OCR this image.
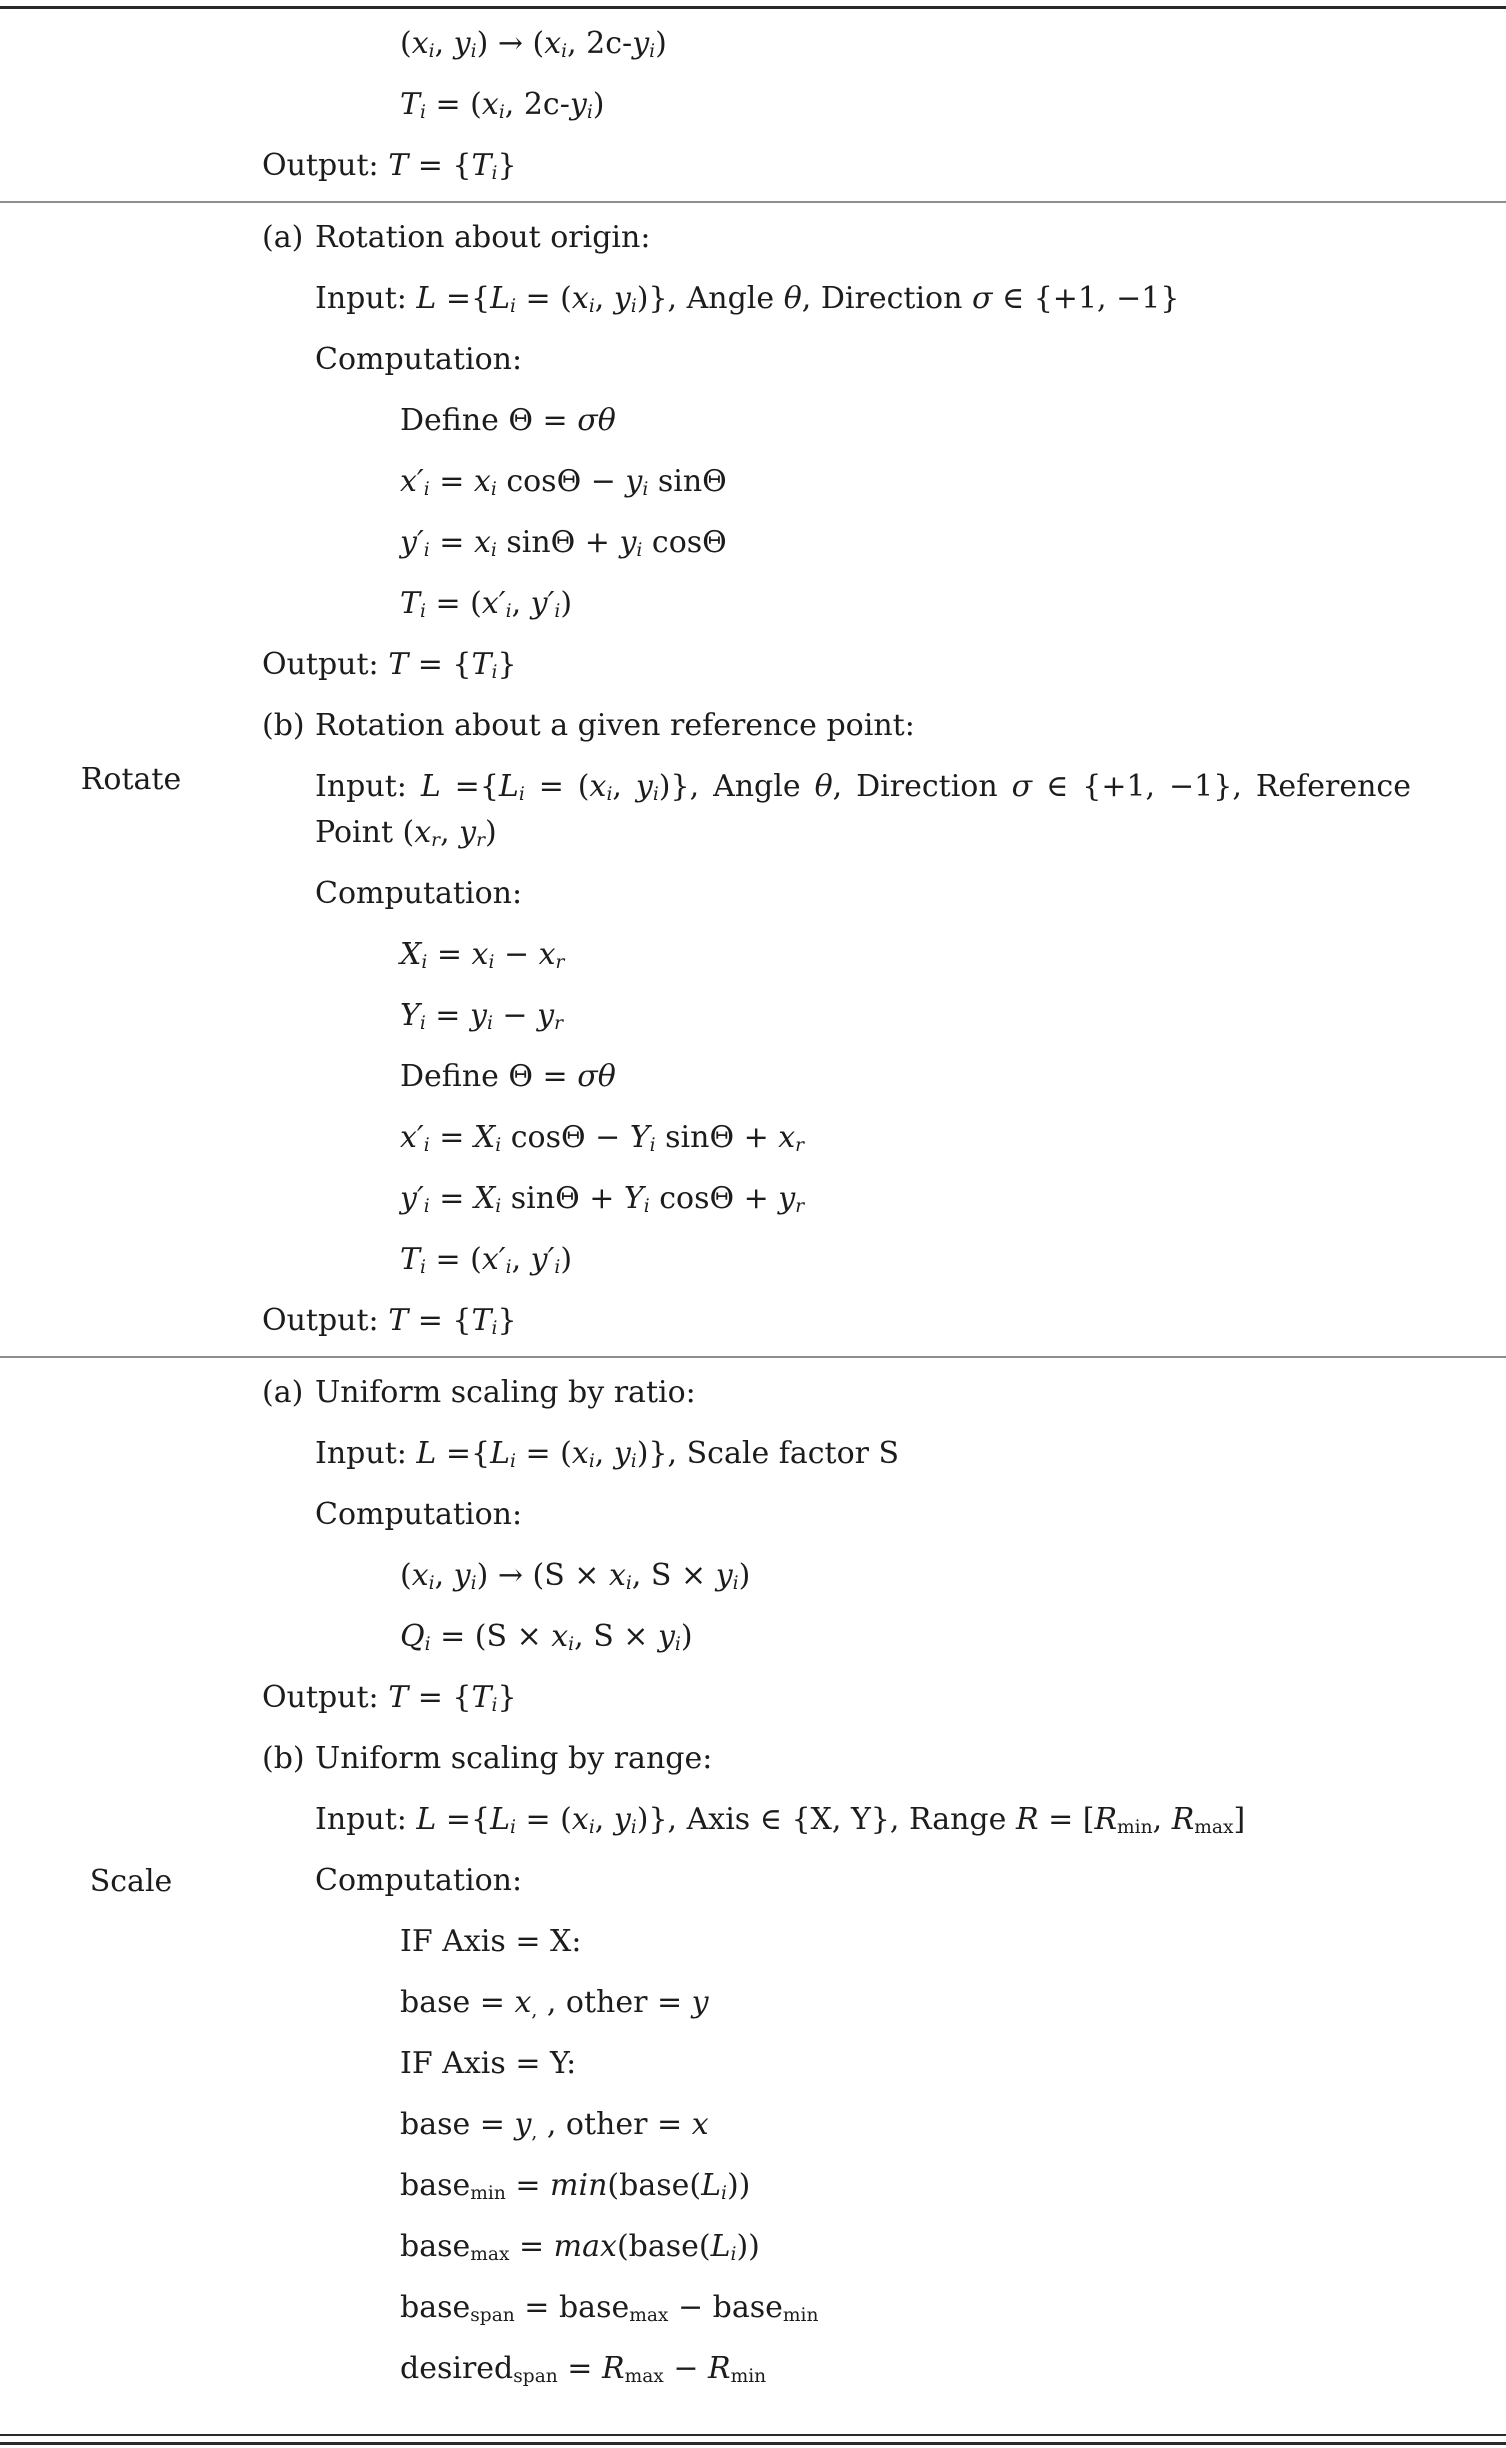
($x_i$, $y_i) \to (x_i$, $2c-y_i$)
$T_i = (x_i$, $2c-y_i$)
Output: $T = \{T_i\}$
Rotate
(a) Rotation about origin:
Input: $L =\{L_i = (x_i$, $y_i$)}, Angle θ, Direction σ ∈ {+1, −1}
Computation:
Define Θ = σθ
$x'_i = x_i$ $\cos\Theta - y_i$ sinΘ
$y'_i = x_i$ $\sin\Theta + y_i$ cosΘ
$T_i = (x'_i$, $y'_i$)
Output: $T = \{T_i\}$
(b) Rotation about a given reference point:
Input: $L =\{L_i = (x_i$, $y_i$)}, Angle θ, Direction σ ∈ {+1, −1}, Reference Point ($x_r$, $y_r$)
Computation:
$X_i = x_i - x_r$
$Y_i = y_i - y_r$
Define Θ = σθ
$x'_i = X_i$ $\cos\Theta - Y_i$ $\sin\Theta + x_r$
$y'_i = X_i$ $\sin\Theta + Y_i$ $\cos\Theta + y_r$
$T_i = (x'_i$, $y'_i$)
Output: $T = \{T_i\}$
Scale
(a) Uniform scaling by ratio:
Input: $L =\{L_i = (x_i$, $y_i$)}, Scale factor S
Computation:
($x_i$, $y_i) \to (S \times x_i$, $S \times y_i$)
$Q_i = (S \times x_i$, $S \times y_i$)
Output: $T = \{T_i\}$
(b) Uniform scaling by range:
Input: $L =\{L_i = (x_i$, $y_i$)}, Axis ∈ {X, Y}, Range $R = [R_{min}$, $R_{max}$]
Computation:
IF Axis = X:
base = $x_,$ , other = y
IF Axis = Y:
base = $y_,$ , other = x
base$_{min}$ = $\min(base(L_i))$
base$_{max}$ = $\max(base(L_i))$
base$_{span}$ = base$_{max}$ − base$_{min}$
desired$_{span}$ = $R_{max} - R_{min}$
